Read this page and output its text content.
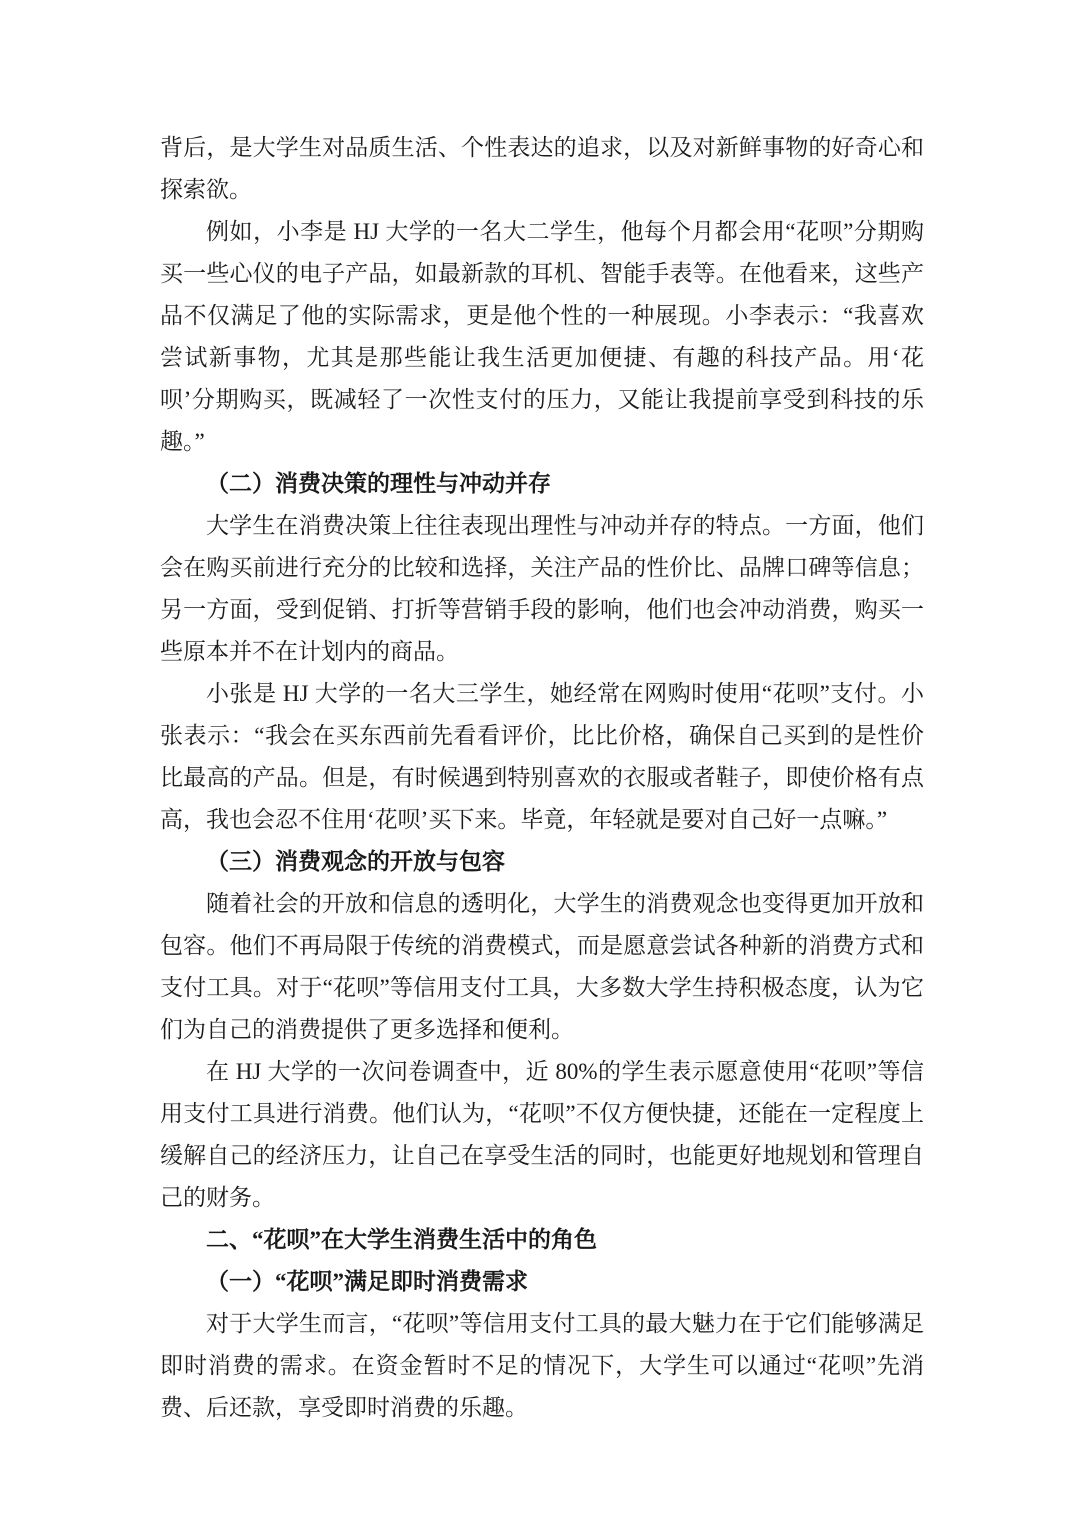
背后，是大学生对品质生活、个性表达的追求，以及对新鲜事物的好奇心和探索欲。

例如，小李是 HJ 大学的一名大二学生，他每个月都会用“花呗”分期购买一些心仪的电子产品，如最新款的耳机、智能手表等。在他看来，这些产品不仅满足了他的实际需求，更是他个性的一种展现。小李表示：“我喜欢尝试新事物，尤其是那些能让我生活更加便捷、有趣的科技产品。用‘花呗’分期购买，既减轻了一次性支付的压力，又能让我提前享受到科技的乐趣。”

（二）消费决策的理性与冲动并存

大学生在消费决策上往往表现出理性与冲动并存的特点。一方面，他们会在购买前进行充分的比较和选择，关注产品的性价比、品牌口碑等信息；另一方面，受到促销、打折等营销手段的影响，他们也会冲动消费，购买一些原本并不在计划内的商品。

小张是 HJ 大学的一名大三学生，她经常在网购时使用“花呗”支付。小张表示：“我会在买东西前先看看评价，比比价格，确保自己买到的是性价比最高的产品。但是，有时候遇到特别喜欢的衣服或者鞋子，即使价格有点高，我也会忍不住用‘花呗’买下来。毕竟，年轻就是要对自己好一点嘛。”

（三）消费观念的开放与包容

随着社会的开放和信息的透明化，大学生的消费观念也变得更加开放和包容。他们不再局限于传统的消费模式，而是愿意尝试各种新的消费方式和支付工具。对于“花呗”等信用支付工具，大多数大学生持积极态度，认为它们为自己的消费提供了更多选择和便利。

在 HJ 大学的一次问卷调查中，近 80%的学生表示愿意使用“花呗”等信用支付工具进行消费。他们认为，“花呗”不仅方便快捷，还能在一定程度上缓解自己的经济压力，让自己在享受生活的同时，也能更好地规划和管理自己的财务。

二、“花呗”在大学生消费生活中的角色

（一）“花呗”满足即时消费需求

对于大学生而言，“花呗”等信用支付工具的最大魅力在于它们能够满足即时消费的需求。在资金暂时不足的情况下，大学生可以通过“花呗”先消费、后还款，享受即时消费的乐趣。
